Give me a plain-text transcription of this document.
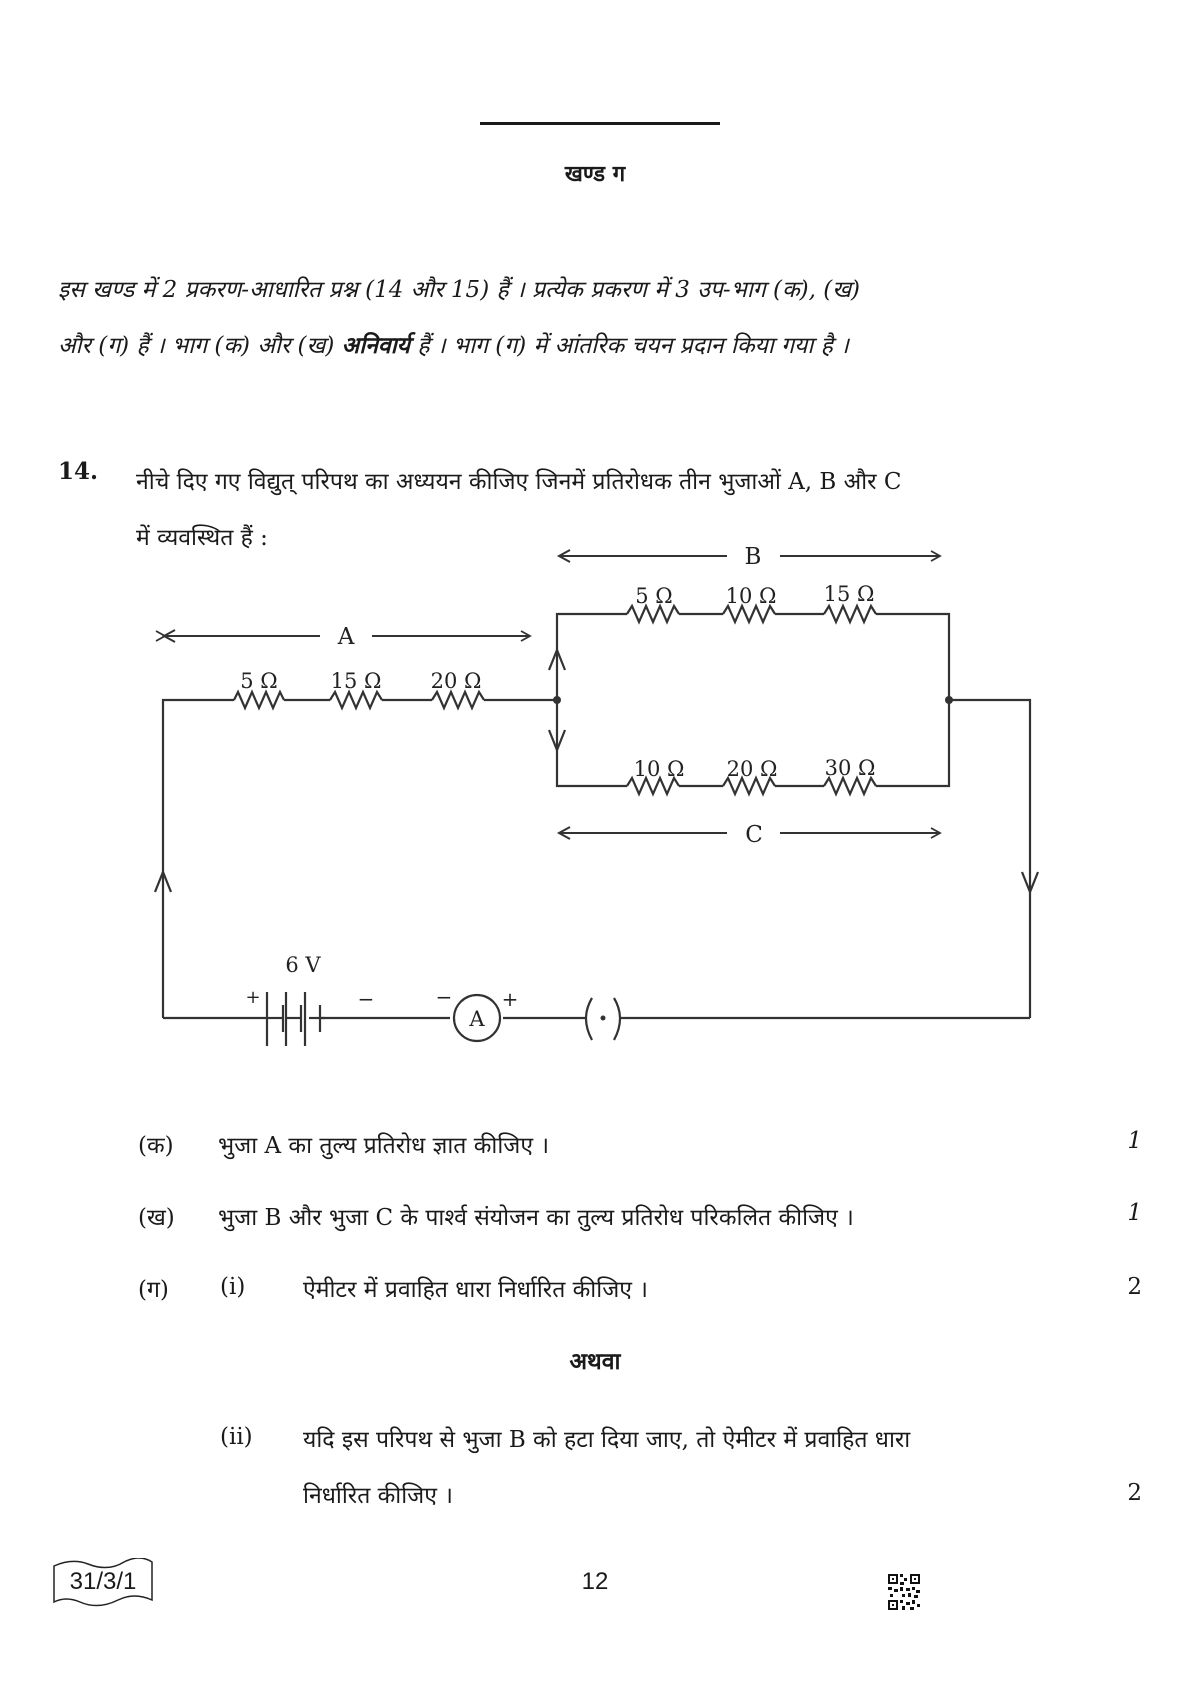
खण्ड ग
इस खण्ड में 2 प्रकरण-आधारित प्रश्न (14 और 15) हैं । प्रत्येक प्रकरण में 3 उप-भाग (क), (ख)
और (ग) हैं । भाग (क) और (ख) अनिवार्य हैं । भाग (ग) में आंतरिक चयन प्रदान किया गया है ।
14. नीचे दिए गए विद्युत् परिपथ का अध्ययन कीजिए जिनमें प्रतिरोधक तीन भुजाओं A, B और C
में व्यवस्थित हैं :
A
B
C
5 Ω	15 Ω 20 Ω
5 Ω	10 Ω 15 Ω
10 Ω 20 Ω 30 Ω
6 V
+	−
A
− +
(क) भुजा A का तुल्य प्रतिरोध ज्ञात कीजिए ।	1
(ख) भुजा B और भुजा C के पार्श्व संयोजन का तुल्य प्रतिरोध परिकलित कीजिए ।	1
(ग) (i)	ऐमीटर में प्रवाहित धारा निर्धारित कीजिए ।	2
अथवा
(ii) यदि इस परिपथ से भुजा B को हटा दिया जाए, तो ऐमीटर में प्रवाहित धारा
निर्धारित कीजिए ।	2
31/3/1	12
